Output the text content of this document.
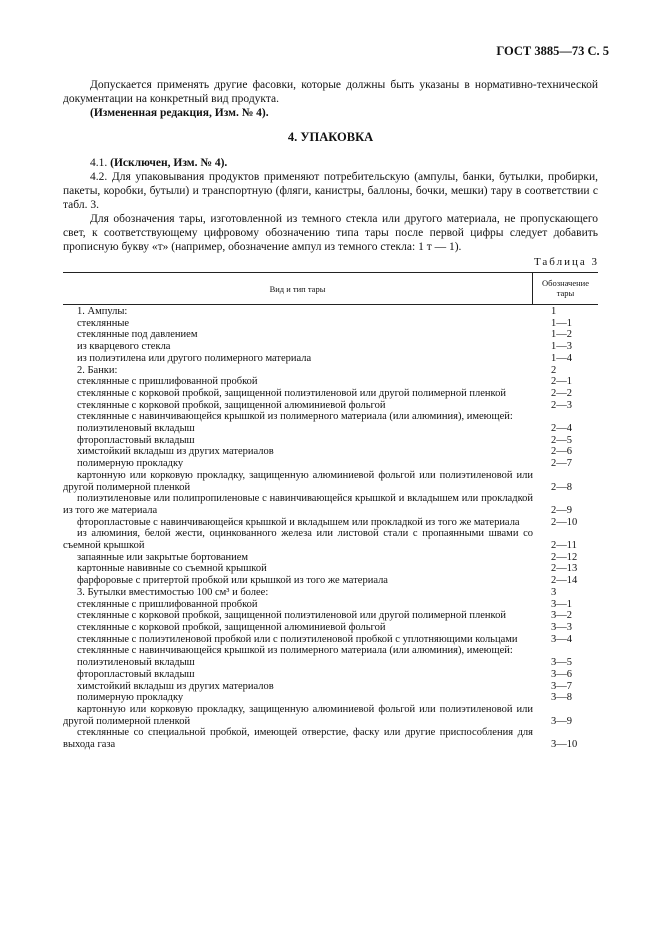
ГОСТ 3885—73 С. 5

Допускается применять другие фасовки, которые должны быть указаны в нормативно-технической документации на конкретный вид продукта.

(Измененная редакция, Изм. № 4).

4. УПАКОВКА

4.1. (Исключен, Изм. № 4).

4.2. Для упаковывания продуктов применяют потребительскую (ампулы, банки, бутылки, пробирки, пакеты, коробки, бутыли) и транспортную (фляги, канистры, баллоны, бочки, мешки) тару в соответствии с табл. 3.

Для обозначения тары, изготовленной из темного стекла или другого материала, не пропускающего свет, к соответствующему цифровому обозначению типа тары после первой цифры следует добавить прописную букву «т» (например, обозначение ампул из темного стекла: 1 т — 1).

Таблица 3
Вид и тип тары
Обозначение тары
1. Ампулы:	1
стеклянные	1—1
стеклянные под давлением	1—2
из кварцевого стекла	1—3
из полиэтилена или другого полимерного материала	1—4
2. Банки:	2
стеклянные с пришлифованной пробкой	2—1
стеклянные с корковой пробкой, защищенной полиэтиленовой или другой полимерной пленкой	2—2
стеклянные с корковой пробкой, защищенной алюминиевой фольгой	2—3
стеклянные с навинчивающейся крышкой из полимерного материала (или алюминия), имеющей:
полиэтиленовый вкладыш	2—4
фторопластовый вкладыш	2—5
химстойкий вкладыш из других материалов	2—6
полимерную прокладку	2—7
картонную или корковую прокладку, защищенную алюминиевой фольгой или полиэтиленовой или другой полимерной пленкой	2—8
полиэтиленовые или полипропиленовые с навинчивающейся крышкой и вкладышем или прокладкой из того же материала	2—9
фторопластовые с навинчивающейся крышкой и вкладышем или прокладкой из того же материала	2—10
из алюминия, белой жести, оцинкованного железа или листовой стали с пропаянными швами со съемной крышкой	2—11
запаянные или закрытые бортованием	2—12
картонные навивные со съемной крышкой	2—13
фарфоровые с притертой пробкой или крышкой из того же материала	2—14
3. Бутылки вместимостью 100 см³ и более:	3
стеклянные с пришлифованной пробкой	3—1
стеклянные с корковой пробкой, защищенной полиэтиленовой или другой полимерной пленкой	3—2
стеклянные с корковой пробкой, защищенной алюминиевой фольгой	3—3
стеклянные с полиэтиленовой пробкой или с полиэтиленовой пробкой с уплотняющими кольцами	3—4
стеклянные с навинчивающейся крышкой из полимерного материала (или алюминия), имеющей:
полиэтиленовый вкладыш	3—5
фторопластовый вкладыш	3—6
химстойкий вкладыш из других материалов	3—7
полимерную прокладку	3—8
картонную или корковую прокладку, защищенную алюминиевой фольгой или полиэтиленовой или другой полимерной пленкой	3—9
стеклянные со специальной пробкой, имеющей отверстие, фаску или другие приспособления для выхода газа	3—10
